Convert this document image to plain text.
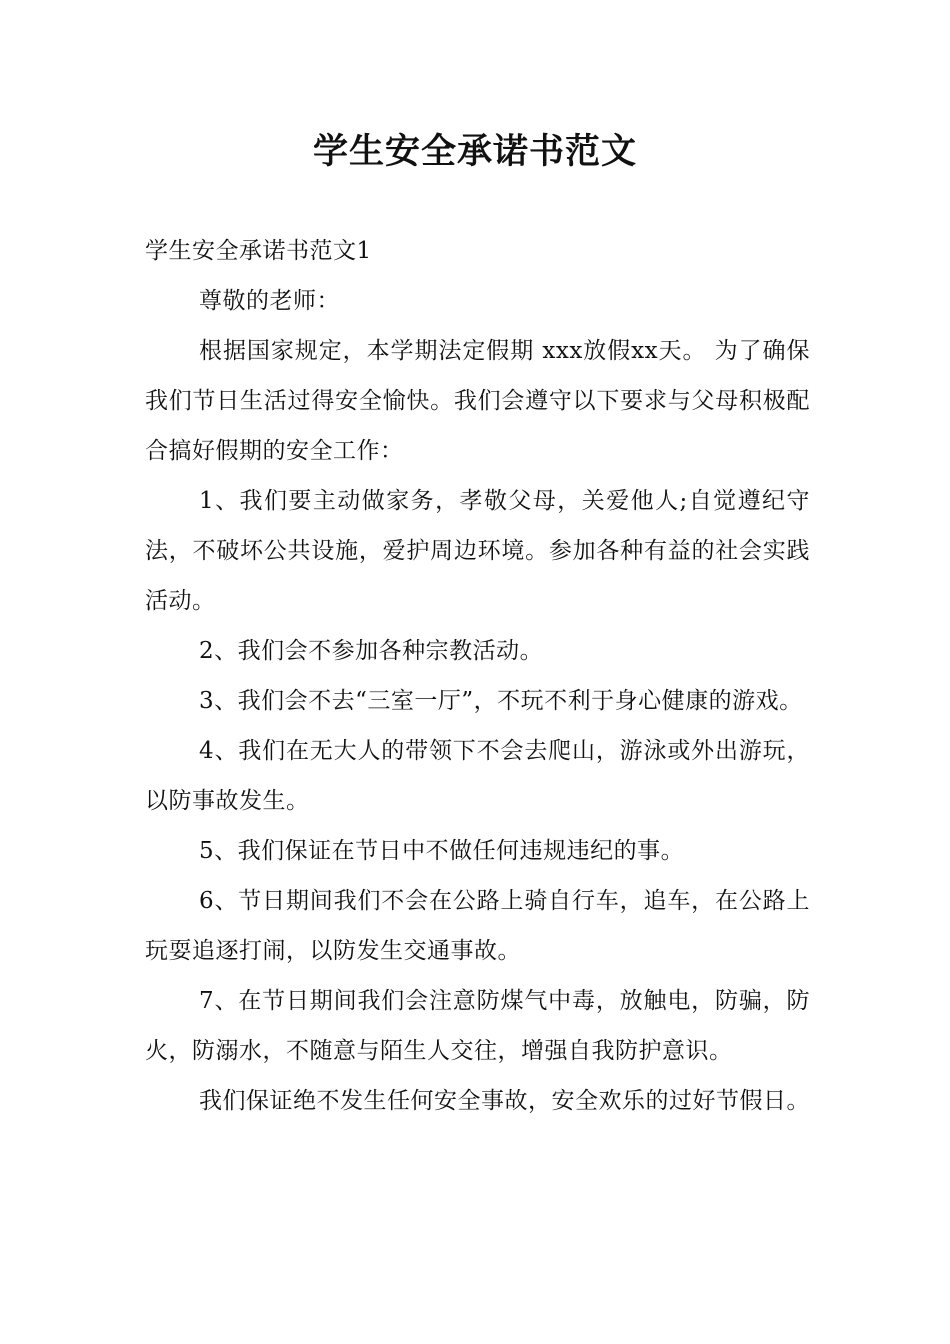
学生安全承诺书范文

学生安全承诺书范文1

尊敬的老师：

根据国家规定，本学期法定假期 xxx放假xx天。 为了确保我们节日生活过得安全愉快。我们会遵守以下要求与父母积极配合搞好假期的安全工作：

1、我们要主动做家务，孝敬父母，关爱他人;自觉遵纪守法，不破坏公共设施，爱护周边环境。参加各种有益的社会实践活动。

2、我们会不参加各种宗教活动。

3、我们会不去“三室一厅”，不玩不利于身心健康的游戏。

4、我们在无大人的带领下不会去爬山，游泳或外出游玩，以防事故发生。

5、我们保证在节日中不做任何违规违纪的事。

6、节日期间我们不会在公路上骑自行车，追车，在公路上玩耍追逐打闹，以防发生交通事故。

7、在节日期间我们会注意防煤气中毒，放触电，防骗，防火，防溺水，不随意与陌生人交往，增强自我防护意识。

我们保证绝不发生任何安全事故，安全欢乐的过好节假日。
